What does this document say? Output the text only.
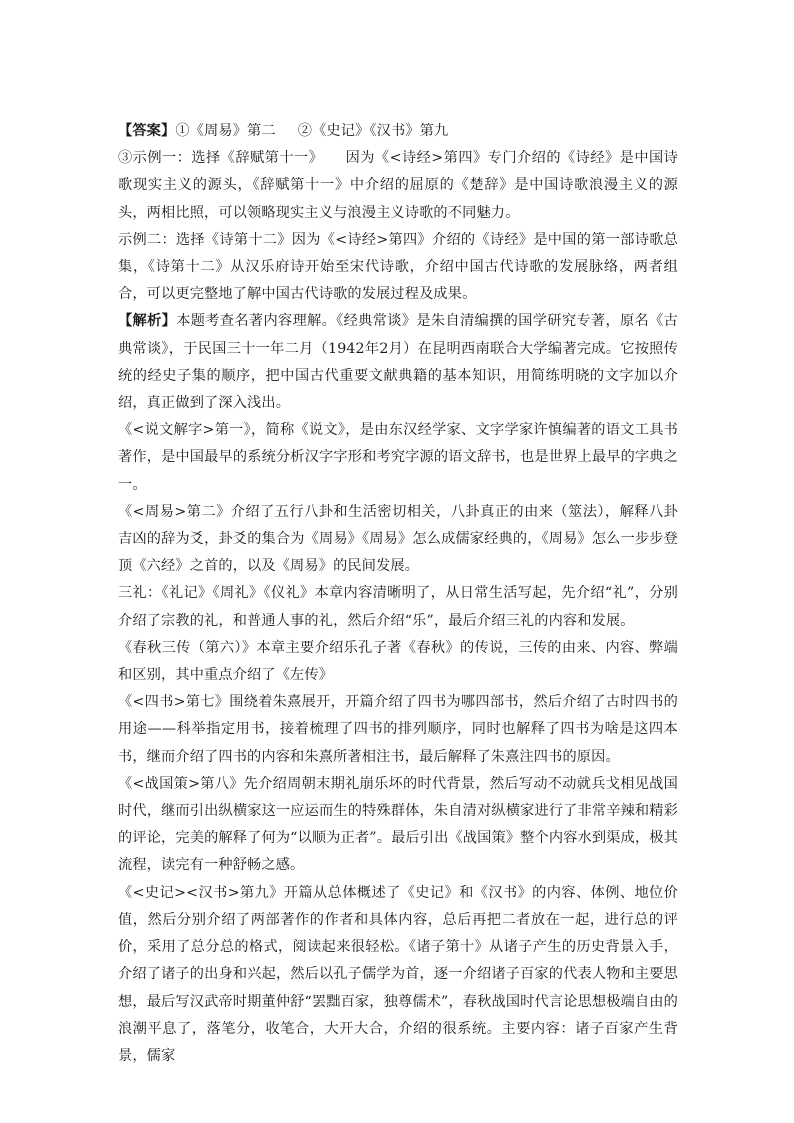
【答案】①《周易》第二 ②《史记》《汉书》第九

③示例一：选择《辞赋第十一》　　因为《<诗经>第四》专门介绍的《诗经》是中国诗歌现实主义的源头，《辞赋第十一》中介绍的屈原的《楚辞》是中国诗歌浪漫主义的源头，两相比照，可以领略现实主义与浪漫主义诗歌的不同魅力。

示例二：选择《诗第十二》因为《<诗经>第四》介绍的《诗经》是中国的第一部诗歌总集，《诗第十二》从汉乐府诗开始至宋代诗歌，介绍中国古代诗歌的发展脉络，两者组合，可以更完整地了解中国古代诗歌的发展过程及成果。

【解析】本题考查名著内容理解。《经典常谈》是朱自清编撰的国学研究专著，原名《古典常谈》，于民国三十一年二月（1942年2月）在昆明西南联合大学编著完成。它按照传统的经史子集的顺序，把中国古代重要文献典籍的基本知识，用简练明晓的文字加以介绍，真正做到了深入浅出。

《<说文解字>第一》，简称《说文》，是由东汉经学家、文字学家许慎编著的语文工具书著作，是中国最早的系统分析汉字字形和考究字源的语文辞书，也是世界上最早的字典之一。

《<周易>第二》介绍了五行八卦和生活密切相关，八卦真正的由来（筮法），解释八卦吉凶的辞为爻，卦爻的集合为《周易》《周易》怎么成儒家经典的，《周易》怎么一步步登顶《六经》之首的，以及《周易》的民间发展。

三礼：《礼记》《周礼》《仪礼》本章内容清晰明了，从日常生活写起，先介绍“礼”，分别介绍了宗教的礼，和普通人事的礼，然后介绍“乐”，最后介绍三礼的内容和发展。

《春秋三传（第六）》本章主要介绍乐孔子著《春秋》的传说，三传的由来、内容、弊端和区别，其中重点介绍了《左传》

《<四书>第七》围绕着朱熹展开，开篇介绍了四书为哪四部书，然后介绍了古时四书的用途——科举指定用书，接着梳理了四书的排列顺序，同时也解释了四书为啥是这四本书，继而介绍了四书的内容和朱熹所著相注书，最后解释了朱熹注四书的原因。

《<战国策>第八》先介绍周朝末期礼崩乐坏的时代背景，然后写动不动就兵戈相见战国时代，继而引出纵横家这一应运而生的特殊群体，朱自清对纵横家进行了非常辛辣和精彩的评论，完美的解释了何为“以顺为正者”。最后引出《战国策》整个内容水到渠成，极其流程，读完有一种舒畅之感。

《<史记><汉书>第九》开篇从总体概述了《史记》和《汉书》的内容、体例、地位价值，然后分别介绍了两部著作的作者和具体内容，总后再把二者放在一起，进行总的评价，采用了总分总的格式，阅读起来很轻松。《诸子第十》从诸子产生的历史背景入手，介绍了诸子的出身和兴起，然后以孔子儒学为首，逐一介绍诸子百家的代表人物和主要思想，最后写汉武帝时期董仲舒“罢黜百家，独尊儒术”，春秋战国时代言论思想极端自由的浪潮平息了，落笔分，收笔合，大开大合，介绍的很系统。主要内容：诸子百家产生背景，儒家
